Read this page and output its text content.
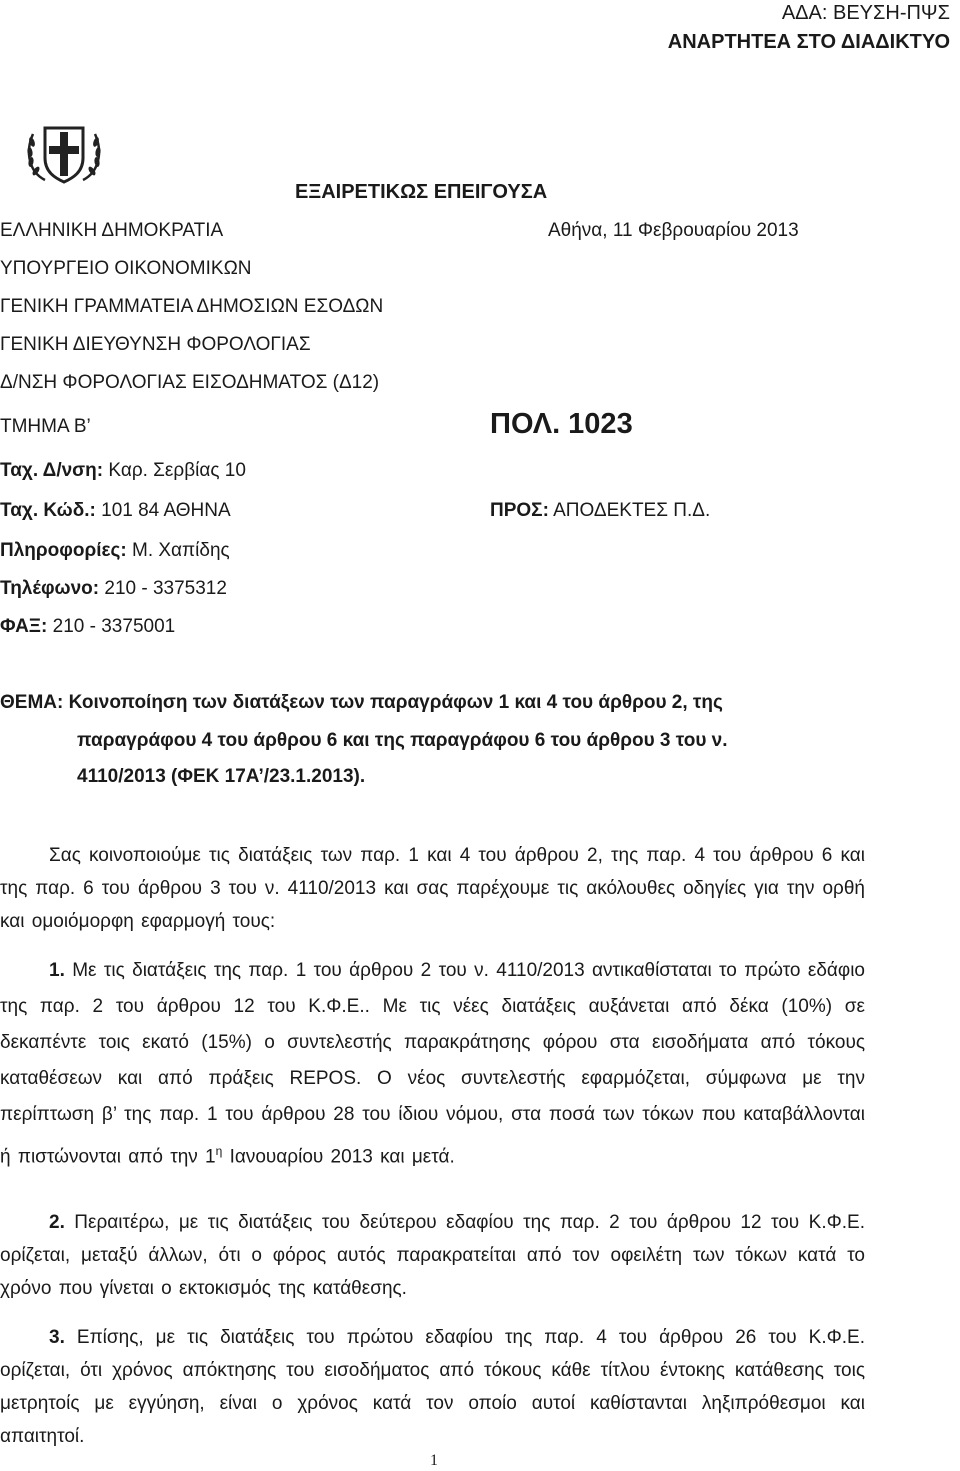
ΑΔΑ: ΒΕΥΣΗ-ΠΨΣ
ΑΝΑΡΤΗΤΕΑ ΣΤΟ ΔΙΑΔΙΚΤΥΟ
ΕΞΑΙΡΕΤΙΚΩΣ ΕΠΕΙΓΟΥΣΑ
Αθήνα, 11 Φεβρουαρίου 2013
ΕΛΛΗΝΙΚΗ ΔΗΜΟΚΡΑΤΙΑ
ΥΠΟΥΡΓΕΙΟ ΟΙΚΟΝΟΜΙΚΩΝ
ΓΕΝΙΚΗ ΓΡΑΜΜΑΤΕΙΑ ΔΗΜΟΣΙΩΝ ΕΣΟΔΩΝ
ΓΕΝΙΚΗ ΔΙΕΥΘΥΝΣΗ ΦΟΡΟΛΟΓΙΑΣ
Δ/ΝΣΗ ΦΟΡΟΛΟΓΙΑΣ ΕΙΣΟΔΗΜΑΤΟΣ (Δ12)
ΤΜΗΜΑ Β’	ΠΟΛ. 1023
Ταχ. Δ/νση: Καρ. Σερβίας 10
Ταχ. Κώδ.: 101 84 ΑΘΗΝΑ
Πληροφορίες: Μ. Χαπίδης
Τηλέφωνο: 210 - 3375312
ΦΑΞ: 210 - 3375001
ΠΡΟΣ: ΑΠΟΔΕΚΤΕΣ Π.Δ.
ΘΕΜΑ: Κοινοποίηση των διατάξεων των παραγράφων 1 και 4 του άρθρου 2, της
παραγράφου 4 του άρθρου 6 και της παραγράφου 6 του άρθρου 3 του ν.
4110/2013 (ΦΕΚ 17Α’/23.1.2013).
Σας κοινοποιούμε τις διατάξεις των παρ. 1 και 4 του άρθρου 2, της παρ. 4 του άρθρου 6 και της παρ. 6 του άρθρου 3 του ν. 4110/2013 και σας παρέχουμε τις ακόλουθες οδηγίες για την ορθή και ομοιόμορφη εφαρμογή τους:
1. Με τις διατάξεις της παρ. 1 του άρθρου 2 του ν. 4110/2013 αντικαθίσταται το πρώτο εδάφιο της παρ. 2 του άρθρου 12 του Κ.Φ.Ε.. Με τις νέες διατάξεις αυξάνεται από δέκα (10%) σε δεκαπέντε τοις εκατό (15%) ο συντελεστής παρακράτησης φόρου στα εισοδήματα από τόκους καταθέσεων και από πράξεις REPOS. Ο νέος συντελεστής εφαρμόζεται, σύμφωνα με την περίπτωση β’ της παρ. 1 του άρθρου 28 του ίδιου νόμου, στα ποσά των τόκων που καταβάλλονται ή πιστώνονται από την $1^\eta$ Ιανουαρίου 2013 και μετά.
2. Περαιτέρω, με τις διατάξεις του δεύτερου εδαφίου της παρ. 2 του άρθρου 12 του Κ.Φ.Ε. ορίζεται, μεταξύ άλλων, ότι ο φόρος αυτός παρακρατείται από τον οφειλέτη των τόκων κατά το χρόνο που γίνεται ο εκτοκισμός της κατάθεσης.
3. Επίσης, με τις διατάξεις του πρώτου εδαφίου της παρ. 4 του άρθρου 26 του Κ.Φ.Ε. ορίζεται, ότι χρόνος απόκτησης του εισοδήματος από τόκους κάθε τίτλου έντοκης κατάθεσης τοις μετρητοίς με εγγύηση, είναι ο χρόνος κατά τον οποίο αυτοί καθίστανται ληξιπρόθεσμοι και απαιτητοί.
1
